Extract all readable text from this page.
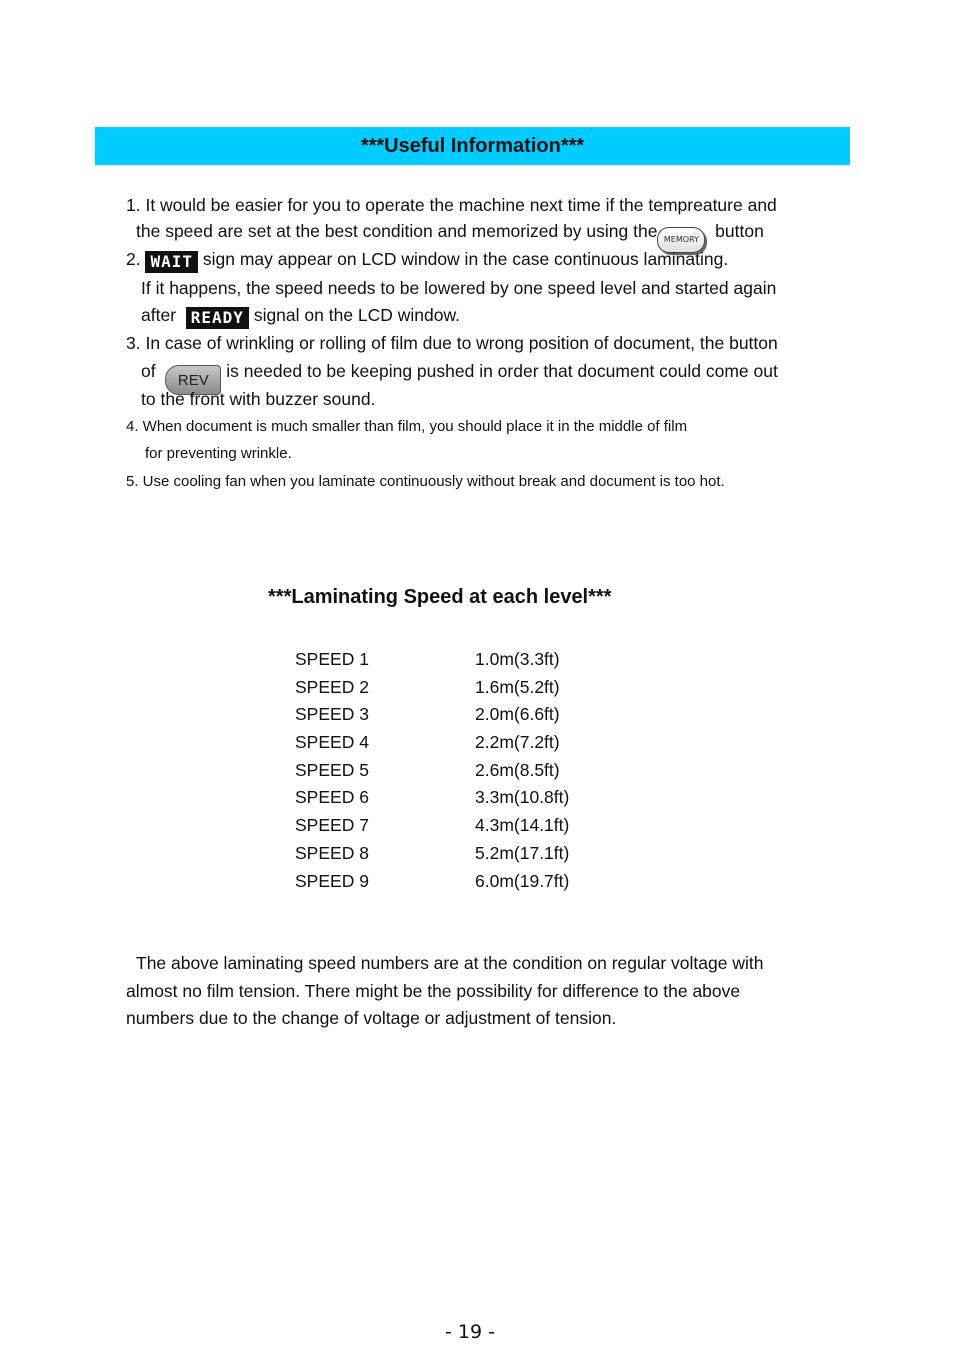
***Useful Information***
1. It would be easier for you to operate the machine next time if the tempreature and
the speed are set at the best condition and memorized by using the MEMORY button
2. WAIT sign may appear on LCD window in the case continuous laminating.
If it happens, the speed needs to be lowered by one speed level and started again
after READY signal on the LCD window.
3. In case of wrinkling or rolling of film due to wrong position of document, the button
of REV is needed to be keeping pushed in order that document could come out
to the front with buzzer sound.
4. When document is much smaller than film, you should place it in the middle of film
for preventing wrinkle.
5. Use cooling fan when you laminate continuously without break and document is too hot.
***Laminating Speed at each level***
SPEED 1	1.0m(3.3ft)
SPEED 2	1.6m(5.2ft)
SPEED 3	2.0m(6.6ft)
SPEED 4	2.2m(7.2ft)
SPEED 5	2.6m(8.5ft)
SPEED 6	3.3m(10.8ft)
SPEED 7	4.3m(14.1ft)
SPEED 8	5.2m(17.1ft)
SPEED 9	6.0m(19.7ft)
The above laminating speed numbers are at the condition on regular voltage with
almost no film tension. There might be the possibility for difference to the above
numbers due to the change of voltage or adjustment of tension.
- 19 -
